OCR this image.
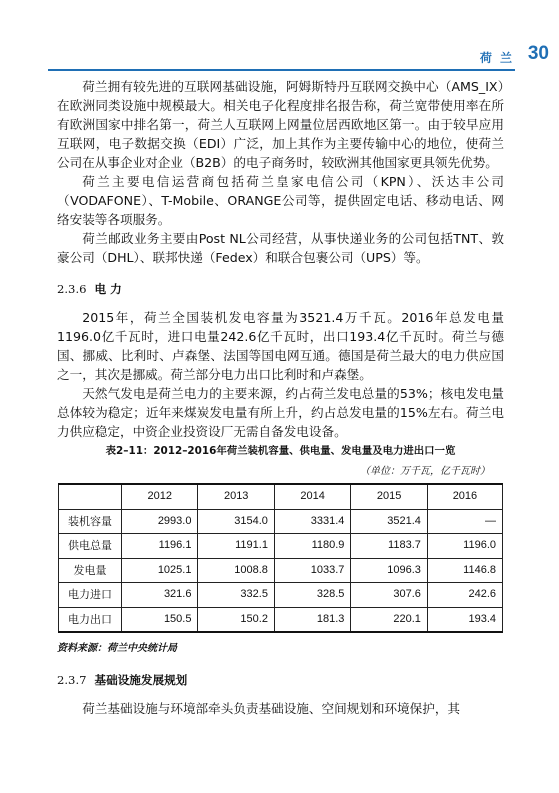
荷 兰 30

荷兰拥有较先进的互联网基础设施，阿姆斯特丹互联网交换中心（AMS_IX）在欧洲同类设施中规模最大。相关电子化程度排名报告称，荷兰宽带使用率在所有欧洲国家中排名第一，荷兰人互联网上网量位居西欧地区第一。由于较早应用互联网，电子数据交换（EDI）广泛，加上其作为主要传输中心的地位，使荷兰公司在从事企业对企业（B2B）的电子商务时，较欧洲其他国家更具领先优势。

荷兰主要电信运营商包括荷兰皇家电信公司（KPN）、沃达丰公司（VODAFONE）、T-Mobile、ORANGE公司等，提供固定电话、移动电话、网络安装等各项服务。

荷兰邮政业务主要由Post NL公司经营，从事快递业务的公司包括TNT、敦豪公司（DHL）、联邦快递（Fedex）和联合包裹公司（UPS）等。

2.3.6 电 力

2015年，荷兰全国装机发电容量为3521.4万千瓦。2016年总发电量1196.0亿千瓦时，进口电量242.6亿千瓦时，出口193.4亿千瓦时。荷兰与德国、挪威、比利时、卢森堡、法国等国电网互通。德国是荷兰最大的电力供应国之一，其次是挪威。荷兰部分电力出口比利时和卢森堡。

天然气发电是荷兰电力的主要来源，约占荷兰发电总量的53%；核电发电量总体较为稳定；近年来煤炭发电量有所上升，约占总发电量的15%左右。荷兰电力供应稳定，中资企业投资设厂无需自备发电设备。

表2–11：2012–2016年荷兰装机容量、供电量、发电量及电力进出口一览
（单位：万千瓦，亿千瓦时）
	2012	2013	2014	2015	2016
装机容量	2993.0	3154.0	3331.4	3521.4	—
供电总量	1196.1	1191.1	1180.9	1183.7	1196.0
发电量	1025.1	1008.8	1033.7	1096.3	1146.8
电力进口	321.6	332.5	328.5	307.6	242.6
电力出口	150.5	150.2	181.3	220.1	193.4
资料来源：荷兰中央统计局
2.3.7 基础设施发展规划

荷兰基础设施与环境部牵头负责基础设施、空间规划和环境保护，其
